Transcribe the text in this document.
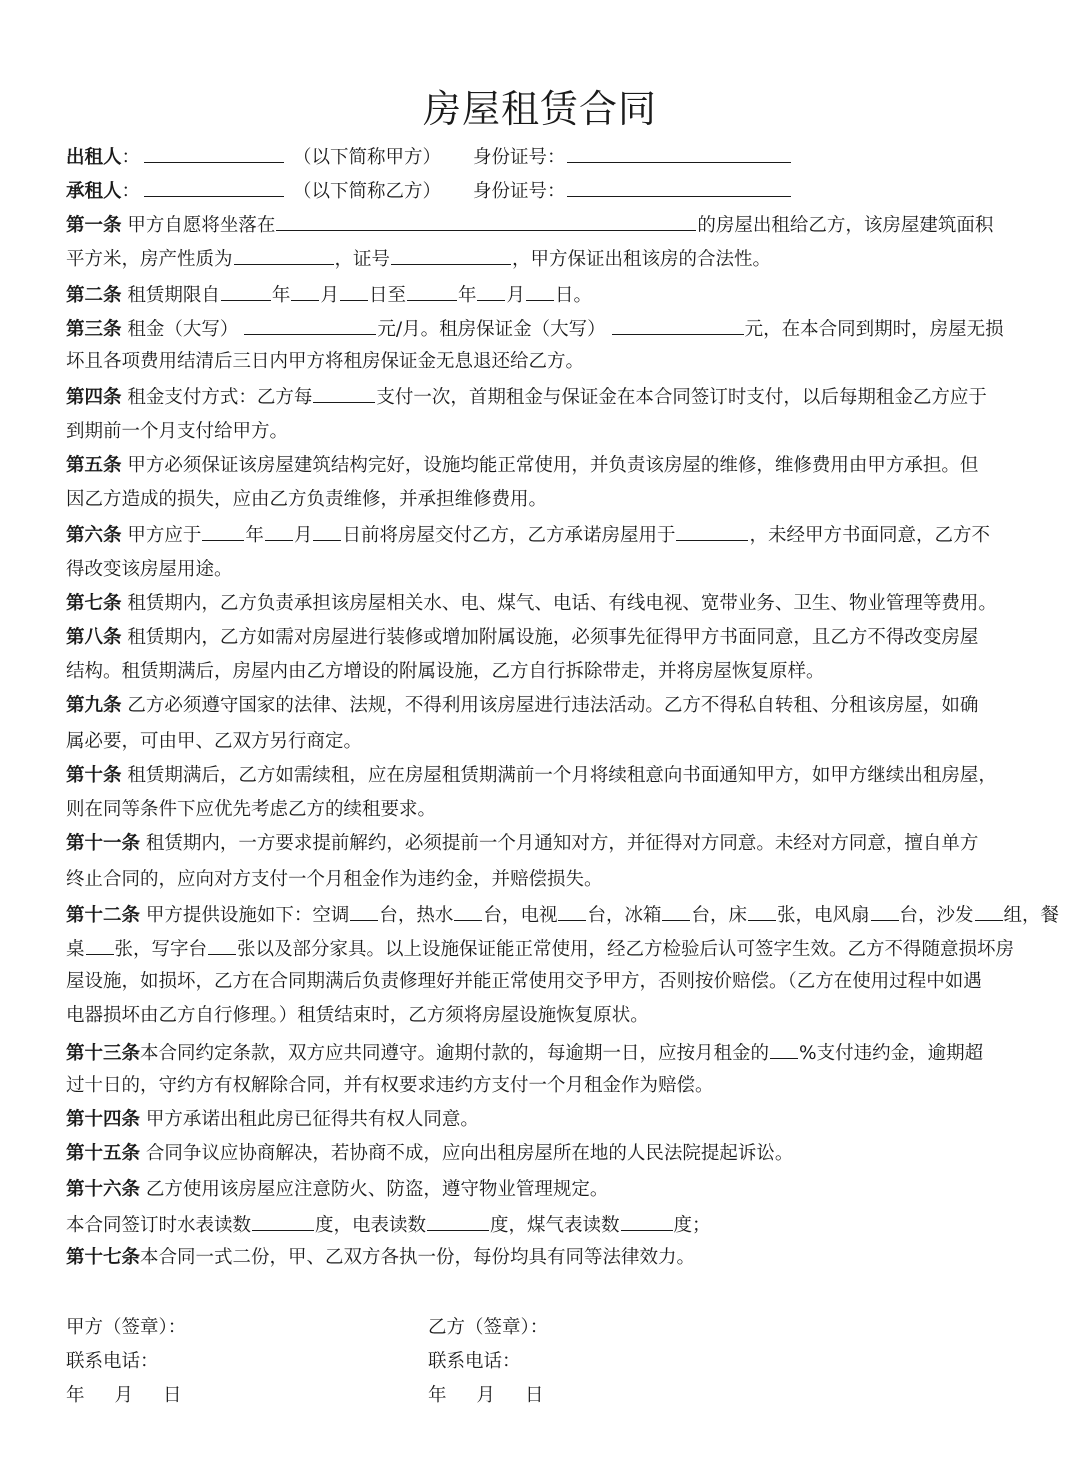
房屋租赁合同
出租人：	（以下简称甲方） 身份证号：
承租人：	（以下简称乙方） 身份证号：
第一条 甲方自愿将坐落在	的房屋出租给乙方，该房屋建筑面积
平方米，房产性质为	，证号	，甲方保证出租该房的合法性。
第二条 租赁期限自	年 月 日至	年 月 日。
第三条 租金（大写）	元/月。租房保证金（大写）	元，在本合同到期时，房屋无损
坏且各项费用结清后三日内甲方将租房保证金无息退还给乙方。
第四条 租金支付方式：乙方每	支付一次，首期租金与保证金在本合同签订时支付，以后每期租金乙方应于
到期前一个月支付给甲方。
第五条 甲方必须保证该房屋建筑结构完好，设施均能正常使用，并负责该房屋的维修，维修费用由甲方承担。但
因乙方造成的损失，应由乙方负责维修，并承担维修费用。
第六条 甲方应于 年 月 日前将房屋交付乙方，乙方承诺房屋用于	，未经甲方书面同意，乙方不
得改变该房屋用途。
第七条 租赁期内，乙方负责承担该房屋相关水、电、煤气、电话、有线电视、宽带业务、卫生、物业管理等费用。
第八条 租赁期内，乙方如需对房屋进行装修或增加附属设施，必须事先征得甲方书面同意，且乙方不得改变房屋
结构。租赁期满后，房屋内由乙方增设的附属设施，乙方自行拆除带走，并将房屋恢复原样。
第九条 乙方必须遵守国家的法律、法规，不得利用该房屋进行违法活动。乙方不得私自转租、分租该房屋，如确
属必要，可由甲、乙双方另行商定。
第十条 租赁期满后，乙方如需续租，应在房屋租赁期满前一个月将续租意向书面通知甲方，如甲方继续出租房屋，
则在同等条件下应优先考虑乙方的续租要求。
第十一条 租赁期内，一方要求提前解约，必须提前一个月通知对方，并征得对方同意。未经对方同意，擅自单方
终止合同的，应向对方支付一个月租金作为违约金，并赔偿损失。
第十二条 甲方提供设施如下：空调 台，热水 台，电视 台，冰箱 台，床 张，电风扇 台，沙发 组，餐
桌 张，写字台 张以及部分家具。以上设施保证能正常使用，经乙方检验后认可签字生效。乙方不得随意损坏房
屋设施，如损坏，乙方在合同期满后负责修理好并能正常使用交予甲方，否则按价赔偿。（乙方在使用过程中如遇
电器损坏由乙方自行修理。）租赁结束时，乙方须将房屋设施恢复原状。
第十三条本合同约定条款，双方应共同遵守。逾期付款的，每逾期一日，应按月租金的 %支付违约金，逾期超
过十日的，守约方有权解除合同，并有权要求违约方支付一个月租金作为赔偿。
第十四条 甲方承诺出租此房已征得共有权人同意。
第十五条 合同争议应协商解决，若协商不成，应向出租房屋所在地的人民法院提起诉讼。
第十六条 乙方使用该房屋应注意防火、防盗，遵守物业管理规定。
本合同签订时水表读数	度，电表读数	度，煤气表读数	度；
第十七条本合同一式二份，甲、乙双方各执一份，每份均具有同等法律效力。
甲方（签章）：	乙方（签章）：
联系电话：	联系电话：
年 月 日	年 月 日
